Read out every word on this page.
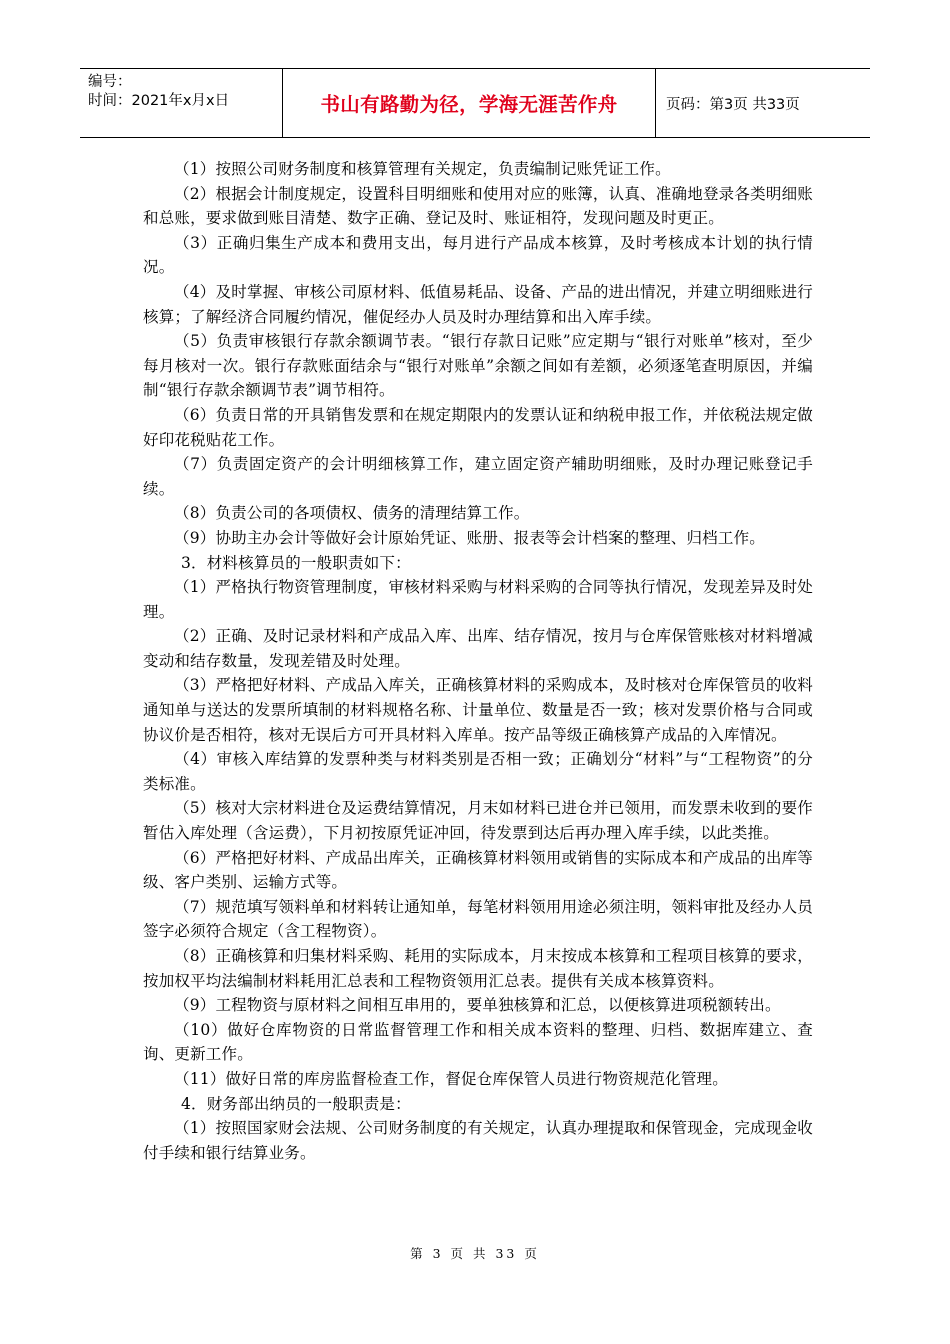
编号：
时间：2021年x月x日	书山有路勤为径，学海无涯苦作舟	页码：第3页 共33页

（1）按照公司财务制度和核算管理有关规定，负责编制记账凭证工作。

（2）根据会计制度规定，设置科目明细账和使用对应的账簿，认真、准确地登录各类明细账和总账，要求做到账目清楚、数字正确、登记及时、账证相符，发现问题及时更正。

（3）正确归集生产成本和费用支出，每月进行产品成本核算，及时考核成本计划的执行情况。

（4）及时掌握、审核公司原材料、低值易耗品、设备、产品的进出情况，并建立明细账进行核算；了解经济合同履约情况，催促经办人员及时办理结算和出入库手续。

（5）负责审核银行存款余额调节表。“银行存款日记账”应定期与“银行对账单”核对，至少每月核对一次。银行存款账面结余与“银行对账单”余额之间如有差额，必须逐笔查明原因，并编制“银行存款余额调节表”调节相符。

（6）负责日常的开具销售发票和在规定期限内的发票认证和纳税申报工作，并依税法规定做好印花税贴花工作。

（7）负责固定资产的会计明细核算工作，建立固定资产辅助明细账，及时办理记账登记手续。

（8）负责公司的各项债权、债务的清理结算工作。

（9）协助主办会计等做好会计原始凭证、账册、报表等会计档案的整理、归档工作。

3．材料核算员的一般职责如下：

（1）严格执行物资管理制度，审核材料采购与材料采购的合同等执行情况，发现差异及时处理。

（2）正确、及时记录材料和产成品入库、出库、结存情况，按月与仓库保管账核对材料增减变动和结存数量，发现差错及时处理。

（3）严格把好材料、产成品入库关，正确核算材料的采购成本，及时核对仓库保管员的收料通知单与送达的发票所填制的材料规格名称、计量单位、数量是否一致；核对发票价格与合同或协议价是否相符，核对无误后方可开具材料入库单。按产品等级正确核算产成品的入库情况。

（4）审核入库结算的发票种类与材料类别是否相一致；正确划分“材料”与“工程物资”的分类标准。

（5）核对大宗材料进仓及运费结算情况，月末如材料已进仓并已领用，而发票未收到的要作暂估入库处理（含运费），下月初按原凭证冲回，待发票到达后再办理入库手续，以此类推。

（6）严格把好材料、产成品出库关，正确核算材料领用或销售的实际成本和产成品的出库等级、客户类别、运输方式等。

（7）规范填写领料单和材料转让通知单，每笔材料领用用途必须注明，领料审批及经办人员签字必须符合规定（含工程物资）。

（8）正确核算和归集材料采购、耗用的实际成本，月末按成本核算和工程项目核算的要求，按加权平均法编制材料耗用汇总表和工程物资领用汇总表。提供有关成本核算资料。

（9）工程物资与原材料之间相互串用的，要单独核算和汇总，以便核算进项税额转出。

（10）做好仓库物资的日常监督管理工作和相关成本资料的整理、归档、数据库建立、查询、更新工作。

（11）做好日常的库房监督检查工作，督促仓库保管人员进行物资规范化管理。

4．财务部出纳员的一般职责是：

（1）按照国家财会法规、公司财务制度的有关规定，认真办理提取和保管现金，完成现金收付手续和银行结算业务。

第 3 页 共 33 页
